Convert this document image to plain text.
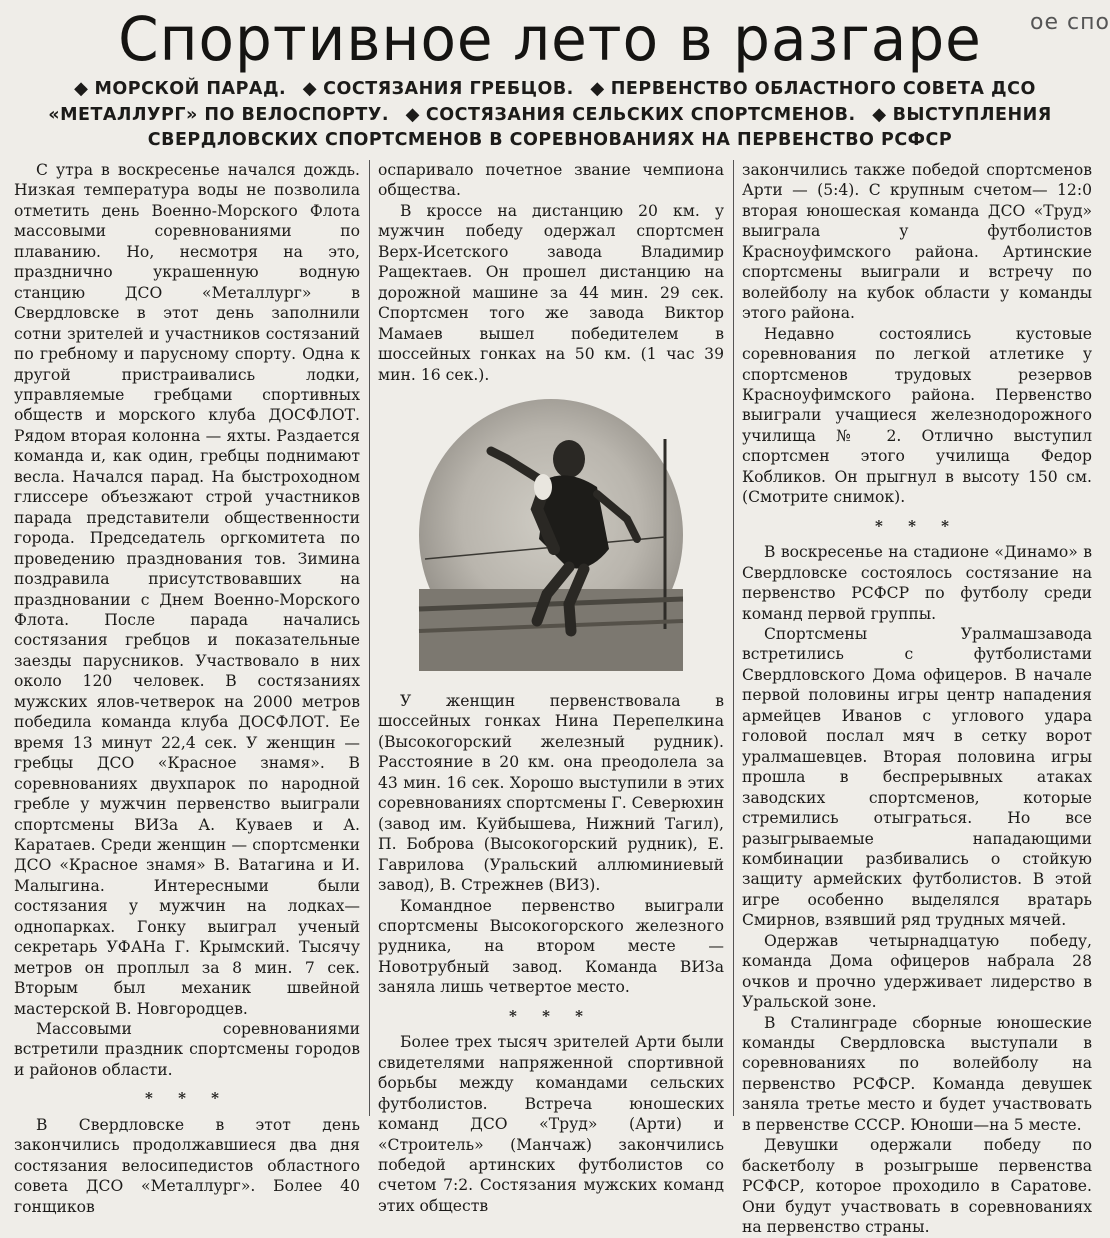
ое спо
Спортивное лето в разгаре
◆ МОРСКОЙ ПАРАД. ◆ СОСТЯЗАНИЯ ГРЕБЦОВ. ◆ ПЕРВЕНСТВО ОБЛАСТНОГО СОВЕТА ДСО «МЕТАЛЛУРГ» ПО ВЕЛОСПОРТУ. ◆ СОСТЯЗАНИЯ СЕЛЬСКИХ СПОРТСМЕНОВ. ◆ ВЫСТУПЛЕНИЯ СВЕРДЛОВСКИХ СПОРТСМЕНОВ В СОРЕВНОВАНИЯХ НА ПЕРВЕНСТВО РСФСР

С утра в воскресенье начался дождь. Низкая температура воды не позволила отметить день Военно-Морского Флота массовыми соревнованиями по плаванию. Но, несмотря на это, празднично украшенную водную станцию ДСО «Металлург» в Свердловске в этот день заполнили сотни зрителей и участников состязаний по гребному и парусному спорту. Одна к другой пристраивались лодки, управляемые гребцами спортивных обществ и морского клуба ДОСФЛОТ. Рядом вторая колонна — яхты. Раздается команда и, как один, гребцы поднимают весла. Начался парад. На быстроходном глиссере объезжают строй участников парада представители общественности города. Председатель оргкомитета по проведению празднования тов. Зимина поздравила присутствовавших на праздновании с Днем Военно-Морского Флота. После парада начались состязания гребцов и показательные заезды парусников. Участвовало в них около 120 человек. В состязаниях мужских ялов-четверок на 2000 метров победила команда клуба ДОСФЛОТ. Ее время 13 минут 22,4 сек. У женщин — гребцы ДСО «Красное знамя». В соревнованиях двухпарок по народной гребле у мужчин первенство выиграли спортсмены ВИЗа А. Куваев и А. Каратаев. Среди женщин — спортсменки ДСО «Красное знамя» В. Ватагина и И. Малыгина. Интересными были состязания у мужчин на лодках—однопарках. Гонку выиграл ученый секретарь УФАНа Г. Крымский. Тысячу метров он проплыл за 8 мин. 7 сек. Вторым был механик швейной мастерской В. Новгородцев.

Массовыми соревнованиями встретили праздник спортсмены городов и районов области.

* * *

В Свердловске в этот день закончились продолжавшиеся два дня состязания велосипедистов областного совета ДСО «Металлург». Более 40 гонщиков

оспаривало почетное звание чемпиона общества.

В кроссе на дистанцию 20 км. у мужчин победу одержал спортсмен Верх-Исетского завода Владимир Ращектаев. Он прошел дистанцию на дорожной машине за 44 мин. 29 сек. Спортсмен того же завода Виктор Мамаев вышел победителем в шоссейных гонках на 50 км. (1 час 39 мин. 16 сек.).

У женщин первенствовала в шоссейных гонках Нина Перепелкина (Высокогорский железный рудник). Расстояние в 20 км. она преодолела за 43 мин. 16 сек. Хорошо выступили в этих соревнованиях спортсмены Г. Северюхин (завод им. Куйбышева, Нижний Тагил), П. Боброва (Высокогорский рудник), Е. Гаврилова (Уральский аллюминиевый завод), В. Стрежнев (ВИЗ).

Командное первенство выиграли спортсмены Высокогорского железного рудника, на втором месте — Новотрубный завод. Команда ВИЗа заняла лишь четвертое место.

* * *

Более трех тысяч зрителей Арти были свидетелями напряженной спортивной борьбы между командами сельских футболистов. Встреча юношеских команд ДСО «Труд» (Арти) и «Строитель» (Манчаж) закончились победой артинских футболистов со счетом 7:2. Состязания мужских команд этих обществ

закончились также победой спортсменов Арти — (5:4). С крупным счетом— 12:0 вторая юношеская команда ДСО «Труд» выиграла у футболистов Красноуфимского района. Артинские спортсмены выиграли и встречу по волейболу на кубок области у команды этого района.

Недавно состоялись кустовые соревнования по легкой атлетике у спортсменов трудовых резервов Красноуфимского района. Первенство выиграли учащиеся железнодорожного училища № 2. Отлично выступил спортсмен этого училища Федор Кобликов. Он прыгнул в высоту 150 см. (Смотрите снимок).

* * *

В воскресенье на стадионе «Динамо» в Свердловске состоялось состязание на первенство РСФСР по футболу среди команд первой группы.

Спортсмены Уралмашзавода встретились с футболистами Свердловского Дома офицеров. В начале первой половины игры центр нападения армейцев Иванов с углового удара головой послал мяч в сетку ворот уралмашевцев. Вторая половина игры прошла в беспрерывных атаках заводских спортсменов, которые стремились отыграться. Но все разыгрываемые нападающими комбинации разбивались о стойкую защиту армейских футболистов. В этой игре особенно выделялся вратарь Смирнов, взявший ряд трудных мячей.

Одержав четырнадцатую победу, команда Дома офицеров набрала 28 очков и прочно удерживает лидерство в Уральской зоне.

В Сталинграде сборные юношеские команды Свердловска выступали в соревнованиях по волейболу на первенство РСФСР. Команда девушек заняла третье место и будет участвовать в первенстве СССР. Юноши—на 5 месте.

Девушки одержали победу по баскетболу в розыгрыше первенства РСФСР, которое проходило в Саратове. Они будут участвовать в соревнованиях на первенство страны.
